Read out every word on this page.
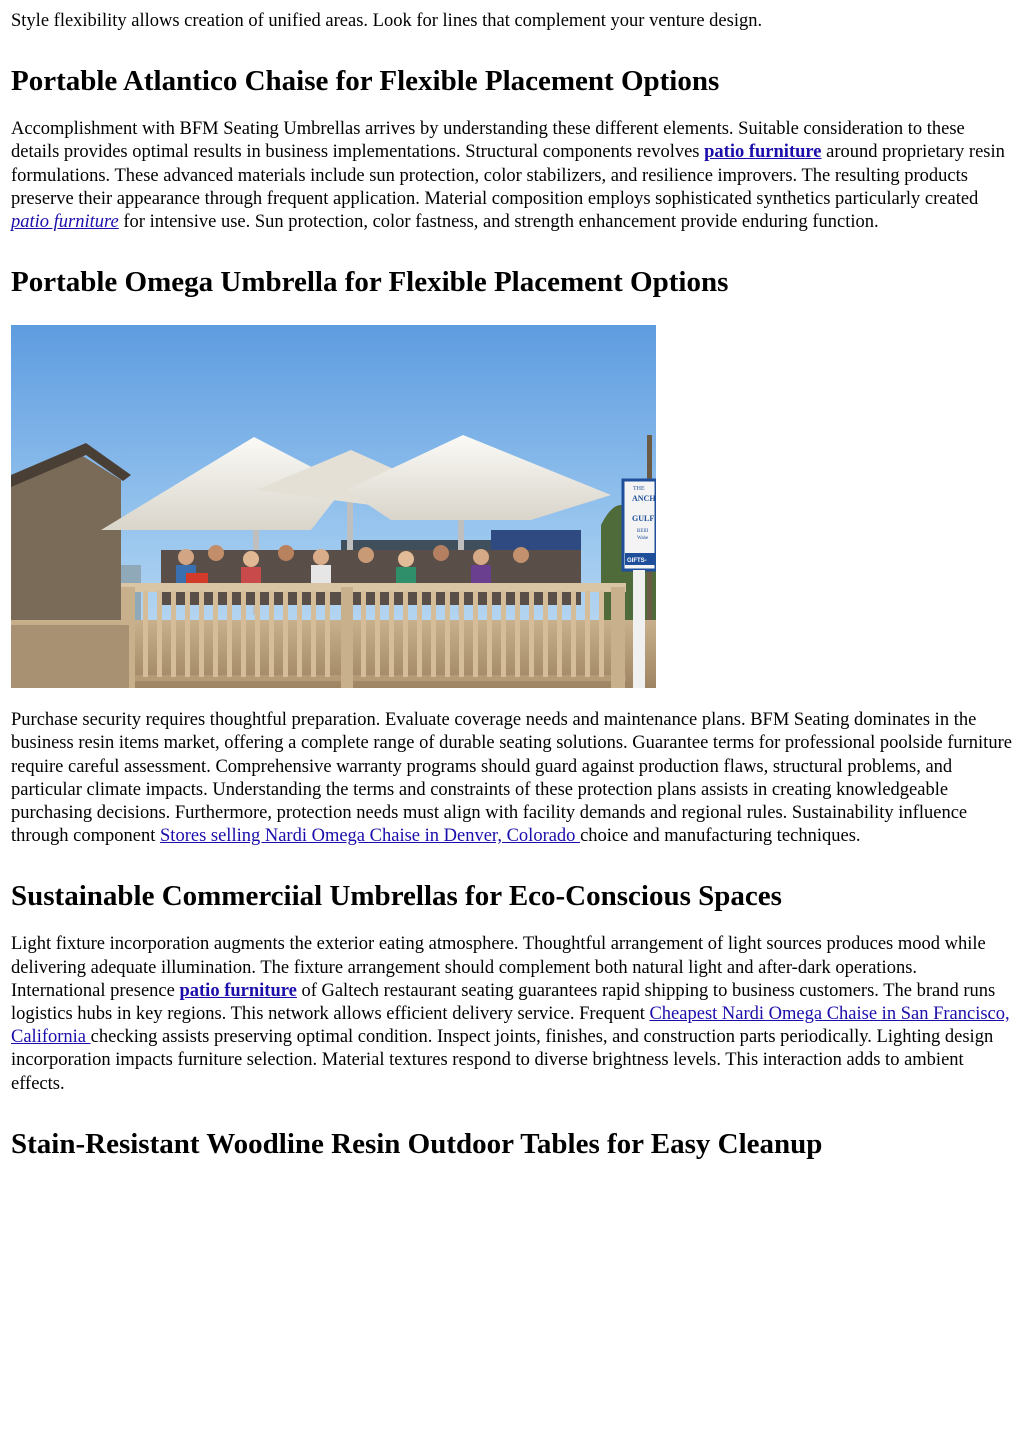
Style flexibility allows creation of unified areas. Look for lines that complement your venture design.

Portable Atlantico Chaise for Flexible Placement Options

Accomplishment with BFM Seating Umbrellas arrives by understanding these different elements. Suitable consideration to these details provides optimal results in business implementations. Structural components revolves patio furniture around proprietary resin formulations. These advanced materials include sun protection, color stabilizers, and resilience improvers. The resulting products preserve their appearance through frequent application. Material composition employs sophisticated synthetics particularly created patio furniture for intensive use. Sun protection, color fastness, and strength enhancement provide enduring function.

Portable Omega Umbrella for Flexible Placement Options
THE
ANCH
GULF
BEIII
Wahe
GIFTS-

Purchase security requires thoughtful preparation. Evaluate coverage needs and maintenance plans. BFM Seating dominates in the business resin items market, offering a complete range of durable seating solutions. Guarantee terms for professional poolside furniture require careful assessment. Comprehensive warranty programs should guard against production flaws, structural problems, and particular climate impacts. Understanding the terms and constraints of these protection plans assists in creating knowledgeable purchasing decisions. Furthermore, protection needs must align with facility demands and regional rules. Sustainability influence through component Stores selling Nardi Omega Chaise in Denver, Colorado choice and manufacturing techniques.

Sustainable Commerciial Umbrellas for Eco-Conscious Spaces

Light fixture incorporation augments the exterior eating atmosphere. Thoughtful arrangement of light sources produces mood while delivering adequate illumination. The fixture arrangement should complement both natural light and after-dark operations. International presence patio furniture of Galtech restaurant seating guarantees rapid shipping to business customers. The brand runs logistics hubs in key regions. This network allows efficient delivery service. Frequent Cheapest Nardi Omega Chaise in San Francisco, California checking assists preserving optimal condition. Inspect joints, finishes, and construction parts periodically. Lighting design incorporation impacts furniture selection. Material textures respond to diverse brightness levels. This interaction adds to ambient effects.

Stain-Resistant Woodline Resin Outdoor Tables for Easy Cleanup
